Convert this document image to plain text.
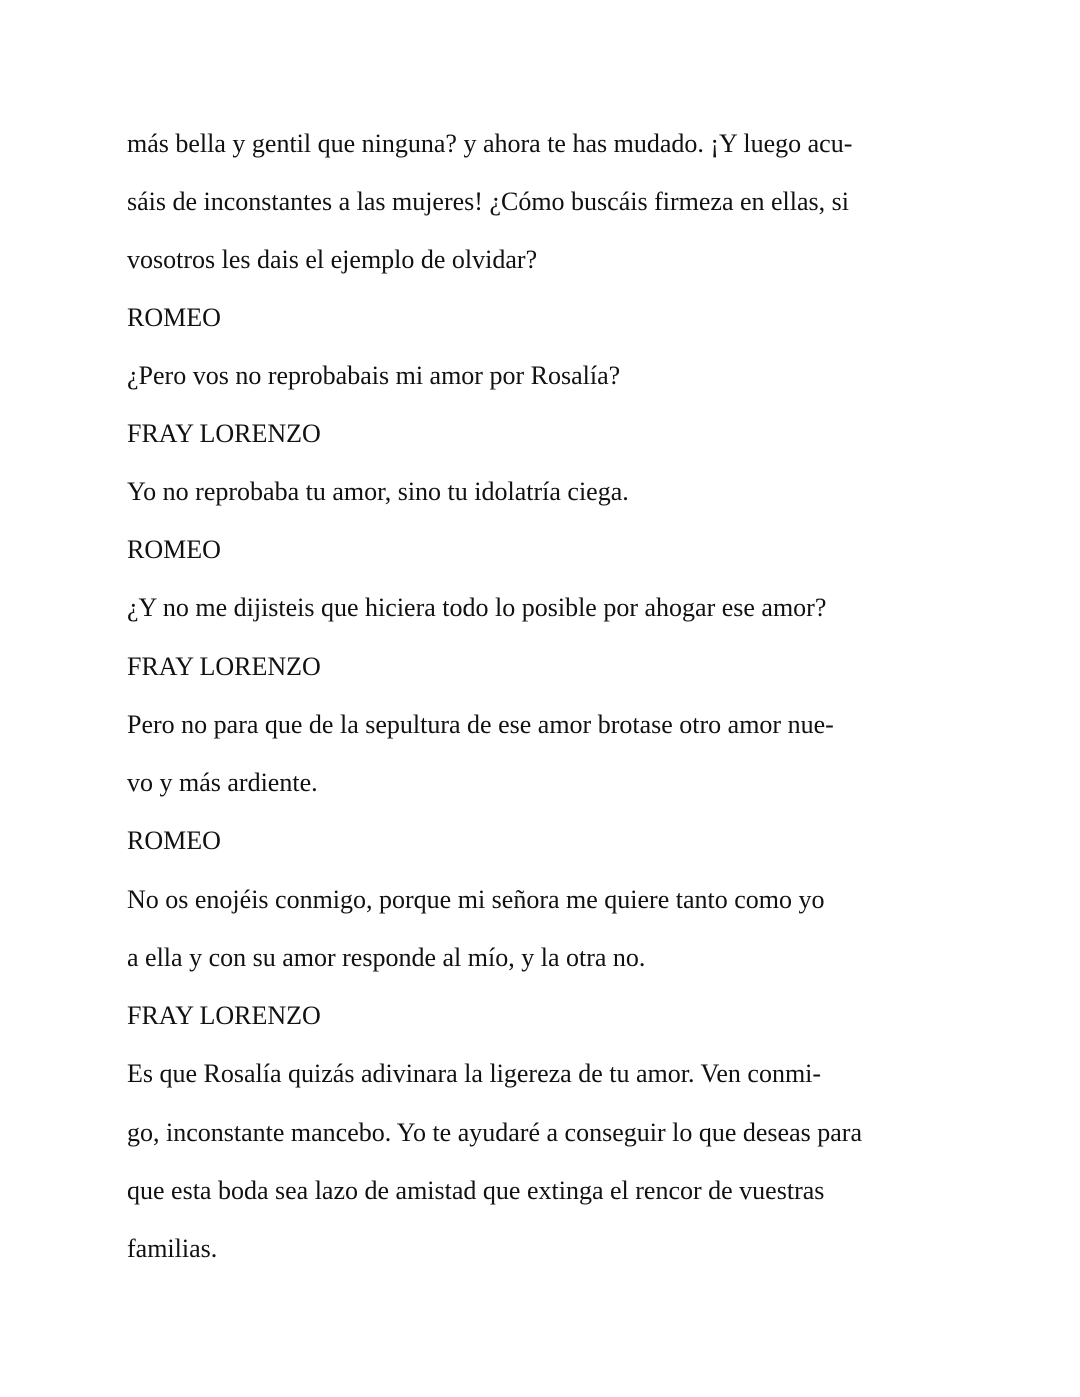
más bella y gentil que ninguna? y ahora te has mudado. ¡Y luego acu-
sáis de inconstantes a las mujeres! ¿Cómo buscáis firmeza en ellas, si
vosotros les dais el ejemplo de olvidar?
ROMEO
¿Pero vos no reprobabais mi amor por Rosalía?
FRAY LORENZO
Yo no reprobaba tu amor, sino tu idolatría ciega.
ROMEO
¿Y no me dijisteis que hiciera todo lo posible por ahogar ese amor?
FRAY LORENZO
Pero no para que de la sepultura de ese amor brotase otro amor nue-
vo y más ardiente.
ROMEO
No os enojéis conmigo, porque mi señora me quiere tanto como yo
a ella y con su amor responde al mío, y la otra no.
FRAY LORENZO
Es que Rosalía quizás adivinara la ligereza de tu amor. Ven conmi-
go, inconstante mancebo. Yo te ayudaré a conseguir lo que deseas para
que esta boda sea lazo de amistad que extinga el rencor de vuestras
familias.
